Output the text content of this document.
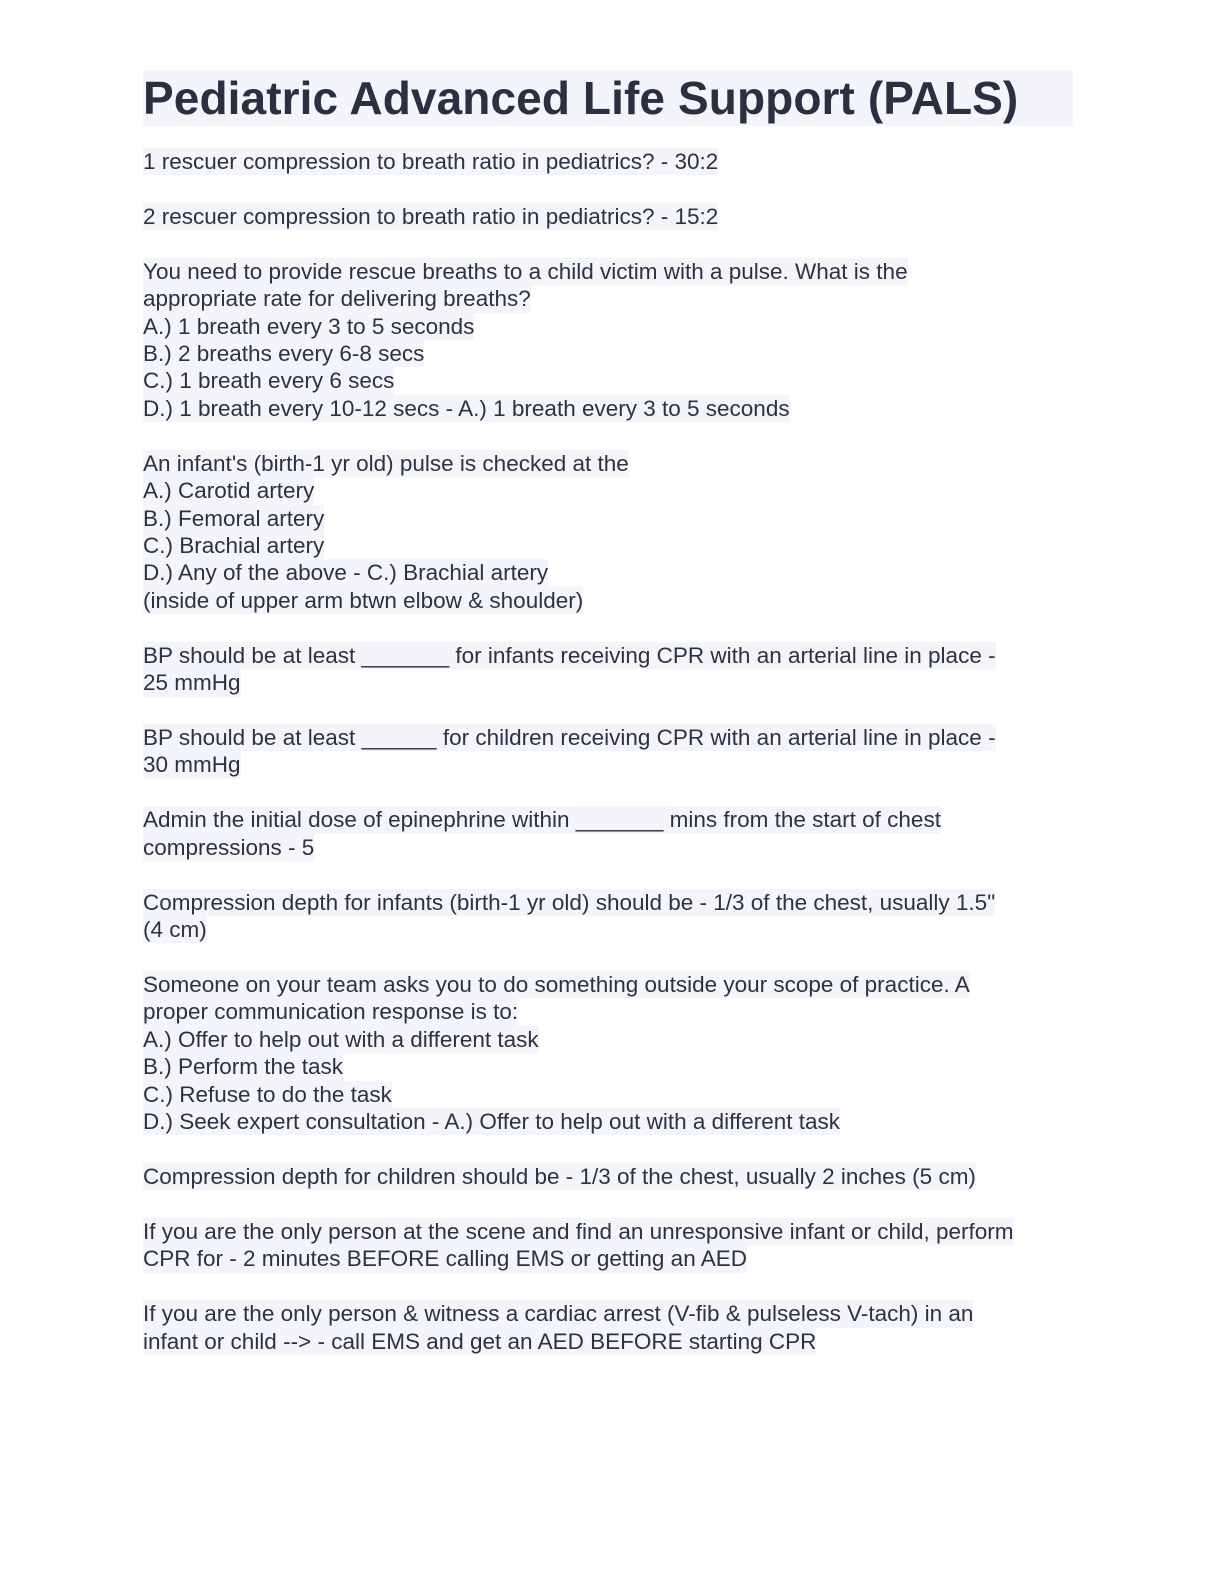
Pediatric Advanced Life Support (PALS)
1 rescuer compression to breath ratio in pediatrics? - 30:2
2 rescuer compression to breath ratio in pediatrics? - 15:2
You need to provide rescue breaths to a child victim with a pulse. What is the
appropriate rate for delivering breaths?
A.) 1 breath every 3 to 5 seconds
B.) 2 breaths every 6-8 secs
C.) 1 breath every 6 secs
D.) 1 breath every 10-12 secs - A.) 1 breath every 3 to 5 seconds
An infant's (birth-1 yr old) pulse is checked at the
A.) Carotid artery
B.) Femoral artery
C.) Brachial artery
D.) Any of the above - C.) Brachial artery
(inside of upper arm btwn elbow & shoulder)
BP should be at least _______ for infants receiving CPR with an arterial line in place -
25 mmHg
BP should be at least ______ for children receiving CPR with an arterial line in place -
30 mmHg
Admin the initial dose of epinephrine within _______ mins from the start of chest
compressions - 5
Compression depth for infants (birth-1 yr old) should be - 1/3 of the chest, usually 1.5"
(4 cm)
Someone on your team asks you to do something outside your scope of practice. A
proper communication response is to:
A.) Offer to help out with a different task
B.) Perform the task
C.) Refuse to do the task
D.) Seek expert consultation - A.) Offer to help out with a different task
Compression depth for children should be - 1/3 of the chest, usually 2 inches (5 cm)
If you are the only person at the scene and find an unresponsive infant or child, perform
CPR for - 2 minutes BEFORE calling EMS or getting an AED
If you are the only person & witness a cardiac arrest (V-fib & pulseless V-tach) in an
infant or child --> - call EMS and get an AED BEFORE starting CPR
